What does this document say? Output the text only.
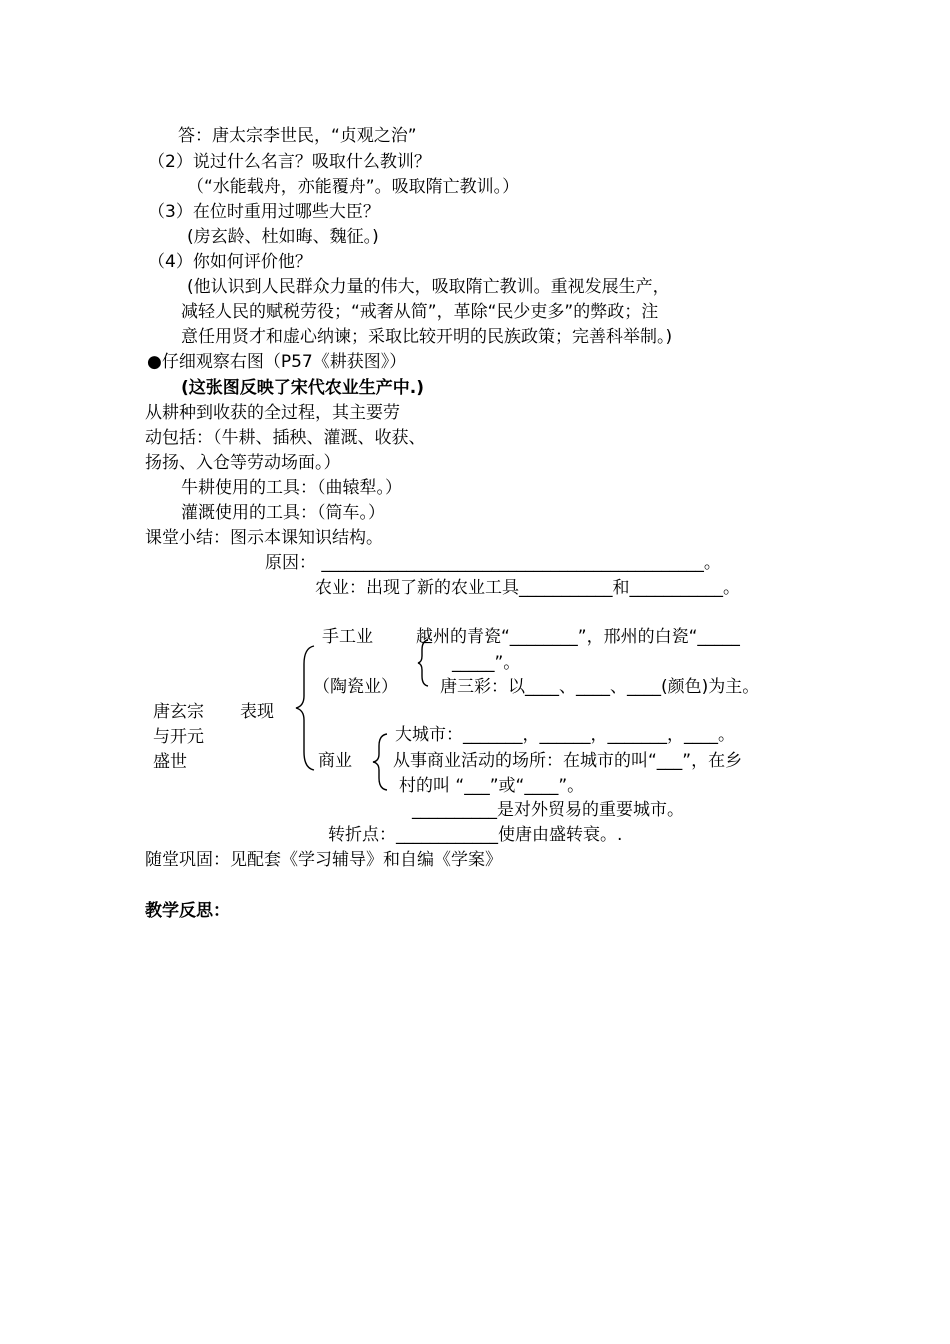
答：唐太宗李世民，“贞观之治”
（2）说过什么名言？吸取什么教训？
（“水能载舟，亦能覆舟”。吸取隋亡教训。）
（3）在位时重用过哪些大臣？
(房玄龄、杜如晦、魏征。)
（4）你如何评价他？
(他认识到人民群众力量的伟大，吸取隋亡教训。重视发展生产，
减轻人民的赋税劳役；“戒奢从简”，革除“民少吏多”的弊政；注
意任用贤才和虚心纳谏；采取比较开明的民族政策；完善科举制。)
●仔细观察右图（P57《耕获图》）
(这张图反映了宋代农业生产中.)
从耕种到收获的全过程，其主要劳
动包括：（牛耕、插秧、灌溉、收获、
扬扬、入仓等劳动场面。）
牛耕使用的工具：（曲辕犁。）
灌溉使用的工具：（筒车。）
课堂小结：图示本课知识结构。
原因： _____________________________________________。
农业：出现了新的农业工具___________和___________。
手工业	越州的青瓷“________”，邢州的白瓷“_____
_____”。
（陶瓷业） 唐三彩：以____、____、____(颜色)为主。
唐玄宗
与开元
盛世
表现
大城市：_______，______，_______，____。
商业 从事商业活动的场所：在城市的叫“___”，在乡
村的叫 “___”或“____”。
__________是对外贸易的重要城市。
转折点：____________使唐由盛转衰。.
随堂巩固：见配套《学习辅导》和自编《学案》
教学反思：
